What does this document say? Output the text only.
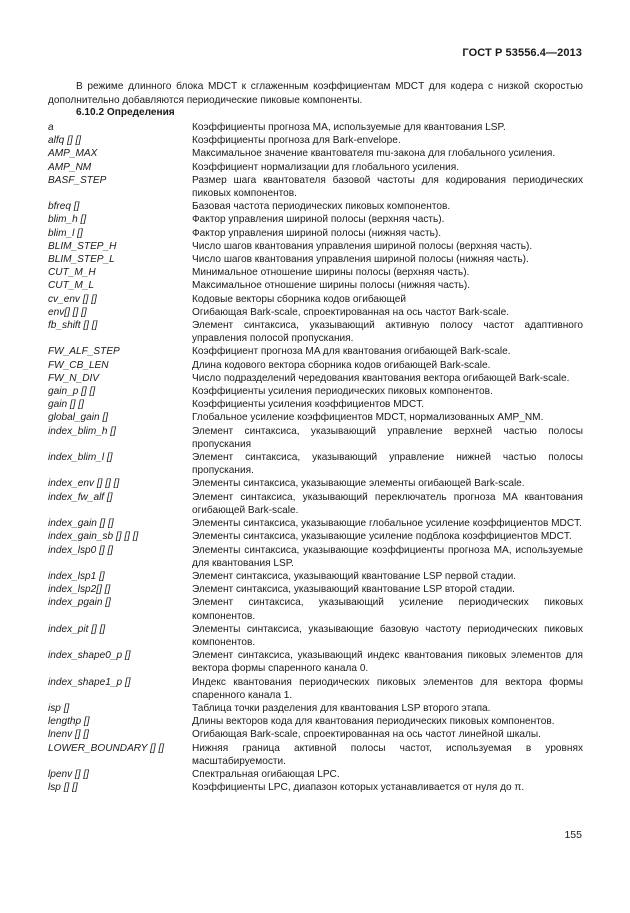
ГОСТ Р 53556.4—2013

В режиме длинного блока MDCT к сглаженным коэффициентам MDCT для кодера с низкой скоростью дополнительно добавляются периодические пиковые компоненты.

6.10.2 Определения
a	Коэффициенты прогноза MA, используемые для квантования LSP.
alfq [] []	Коэффициенты прогноза для Bark-envelope.
AMP_MAX	Максимальное значение квантователя mu-закона для глобального усиления.
AMP_NM	Коэффициент нормализации для глобального усиления.
BASF_STEP	Размер шага квантователя базовой частоты для кодирования периодических пиковых компонентов.
bfreq []	Базовая частота периодических пиковых компонентов.
blim_h []	Фактор управления шириной полосы (верхняя часть).
blim_l []	Фактор управления шириной полосы (нижняя часть).
BLIM_STEP_H	Число шагов квантования управления шириной полосы (верхняя часть).
BLIM_STEP_L	Число шагов квантования управления шириной полосы (нижняя часть).
CUT_M_H	Минимальное отношение ширины полосы (верхняя часть).
CUT_M_L	Максимальное отношение ширины полосы (нижняя часть).
cv_env [] []	Кодовые векторы сборника кодов огибающей
env[] [] []	Огибающая Bark-scale, спроектированная на ось частот Bark-scale.
fb_shift [] []	Элемент синтаксиса, указывающий активную полосу частот адаптивного управления полосой пропускания.
FW_ALF_STEP	Коэффициент прогноза MA для квантования огибающей Bark-scale.
FW_CB_LEN	Длина кодового вектора сборника кодов огибающей Bark-scale.
FW_N_DIV	Число подразделений чередования квантования вектора огибающей Bark-scale.
gain_p [] []	Коэффициенты усиления периодических пиковых компонентов.
gain [] []	Коэффициенты усиления коэффициентов MDCT.
global_gain []	Глобальное усиление коэффициентов MDCT, нормализованных AMP_NM.
index_blim_h []	Элемент синтаксиса, указывающий управление верхней частью полосы пропускания
index_blim_l []	Элемент синтаксиса, указывающий управление нижней частью полосы пропускания.
index_env [] [] []	Элементы синтаксиса, указывающие элементы огибающей Bark-scale.
index_fw_alf []	Элемент синтаксиса, указывающий переключатель прогноза MA квантования огибающей Bark-scale.
index_gain [] []	Элементы синтаксиса, указывающие глобальное усиление коэффициентов MDCT.
index_gain_sb [] [] []	Элементы синтаксиса, указывающие усиление подблока коэффициентов MDCT.
index_lsp0 [] []	Элементы синтаксиса, указывающие коэффициенты прогноза MA, используемые для квантования LSP.
index_lsp1 []	Элемент синтаксиса, указывающий квантование LSP первой стадии.
index_lsp2[] []	Элемент синтаксиса, указывающий квантование LSP второй стадии.
index_pgain []	Элемент синтаксиса, указывающий усиление периодических пиковых компонентов.
index_pit [] []	Элементы синтаксиса, указывающие базовую частоту периодических пиковых компонентов.
index_shape0_p []	Элемент синтаксиса, указывающий индекс квантования пиковых элементов для вектора формы спаренного канала 0.
index_shape1_p []	Индекс квантования периодических пиковых элементов для вектора формы спаренного канала 1.
isp []	Таблица точки разделения для квантования LSP второго этапа.
lengthp []	Длины векторов кода для квантования периодических пиковых компонентов.
lnenv [] []	Огибающая Bark-scale, спроектированная на ось частот линейной шкалы.
LOWER_BOUNDARY [] []	Нижняя граница активной полосы частот, используемая в уровнях масштабируемости.
lpenv [] []	Спектральная огибающая LPC.
lsp [] []	Коэффициенты LPC, диапазон которых устанавливается от нуля до π.
155
